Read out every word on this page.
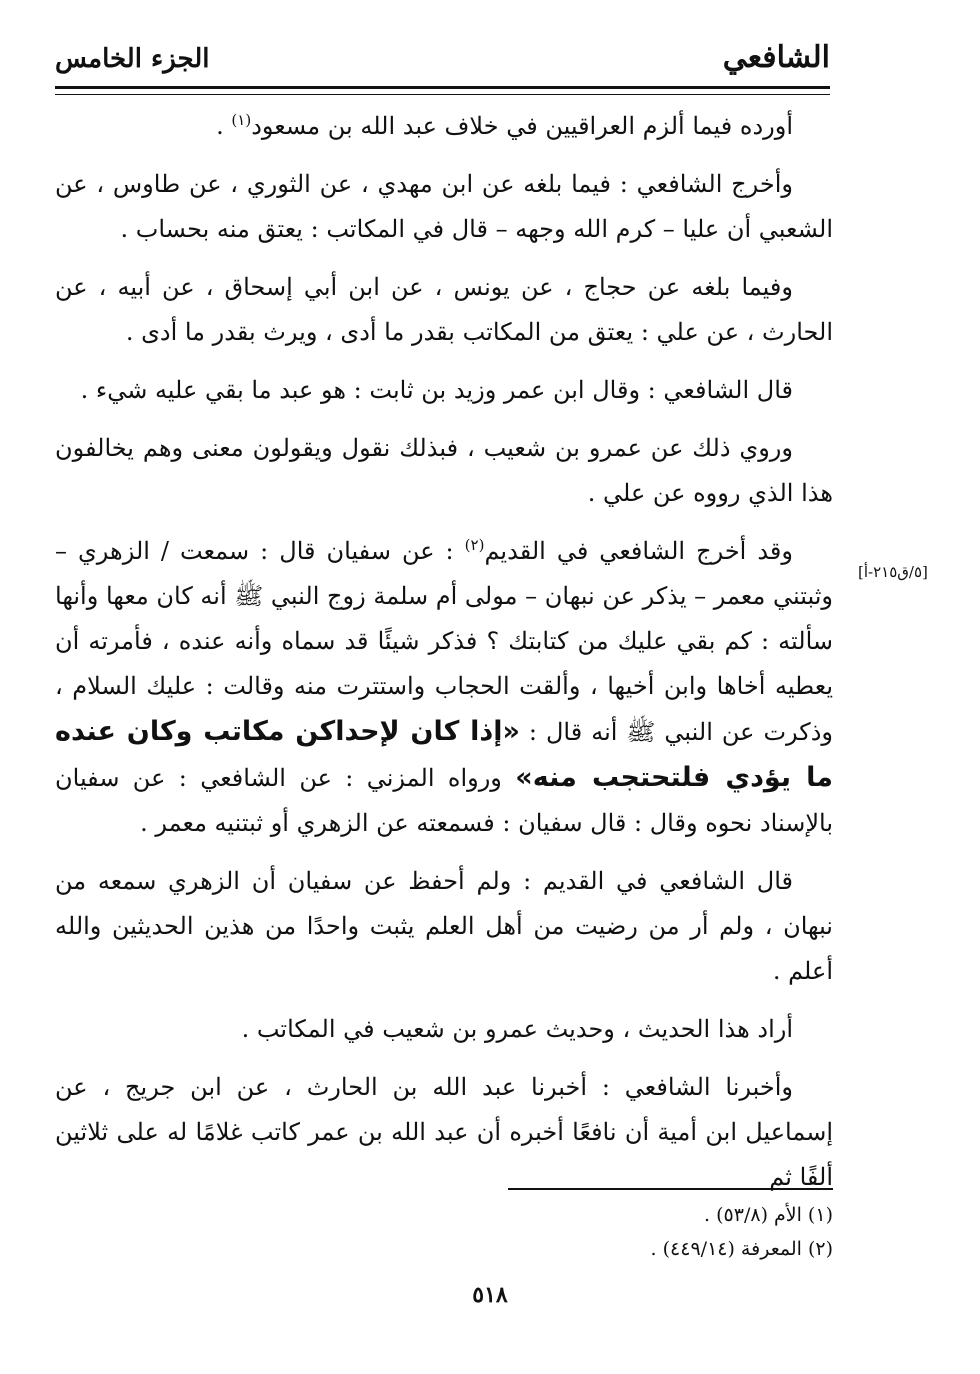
الشافعي
الجزء الخامس

أورده فيما ألزم العراقيين في خلاف عبد الله بن مسعود$^{(١)}$ .

وأخرج الشافعي : فيما بلغه عن ابن مهدي ، عن الثوري ، عن طاوس ، عن الشعبي أن عليا – كرم الله وجهه – قال في المكاتب : يعتق منه بحساب .

وفيما بلغه عن حجاج ، عن يونس ، عن ابن أبي إسحاق ، عن أبيه ، عن الحارث ، عن علي : يعتق من المكاتب بقدر ما أدى ، ويرث بقدر ما أدى .

قال الشافعي : وقال ابن عمر وزيد بن ثابت : هو عبد ما بقي عليه شيء .

وروي ذلك عن عمرو بن شعيب ، فبذلك نقول ويقولون معنى وهم يخالفون هذا الذي رووه عن علي .

وقد أخرج الشافعي في القديم$^{(٢)}$ : عن سفيان قال : سمعت / الزهري – وثبتني معمر – يذكر عن نبهان – مولى أم سلمة زوج النبي ﷺ أنه كان معها وأنها سألته : كم بقي عليك من كتابتك ؟ فذكر شيئًا قد سماه وأنه عنده ، فأمرته أن يعطيه أخاها وابن أخيها ، وألقت الحجاب واستترت منه وقالت : عليك السلام ، وذكرت عن النبي ﷺ أنه قال : «إذا كان لإحداكن مكاتب وكان عنده ما يؤدي فلتحتجب منه» ورواه المزني : عن الشافعي : عن سفيان بالإسناد نحوه وقال : قال سفيان : فسمعته عن الزهري أو ثبتنيه معمر .

قال الشافعي في القديم : ولم أحفظ عن سفيان أن الزهري سمعه من نبهان ، ولم أر من رضيت من أهل العلم يثبت واحدًا من هذين الحديثين والله أعلم .

أراد هذا الحديث ، وحديث عمرو بن شعيب في المكاتب .

وأخبرنا الشافعي : أخبرنا عبد الله بن الحارث ، عن ابن جريج ، عن إسماعيل ابن أمية أن نافعًا أخبره أن عبد الله بن عمر كاتب غلامًا له على ثلاثين ألفًا ثم

[٥/ق٢١٥-أ]

(١) الأم (٥٣/٨) .

(٢) المعرفة (٤٤٩/١٤) .

٥١٨
